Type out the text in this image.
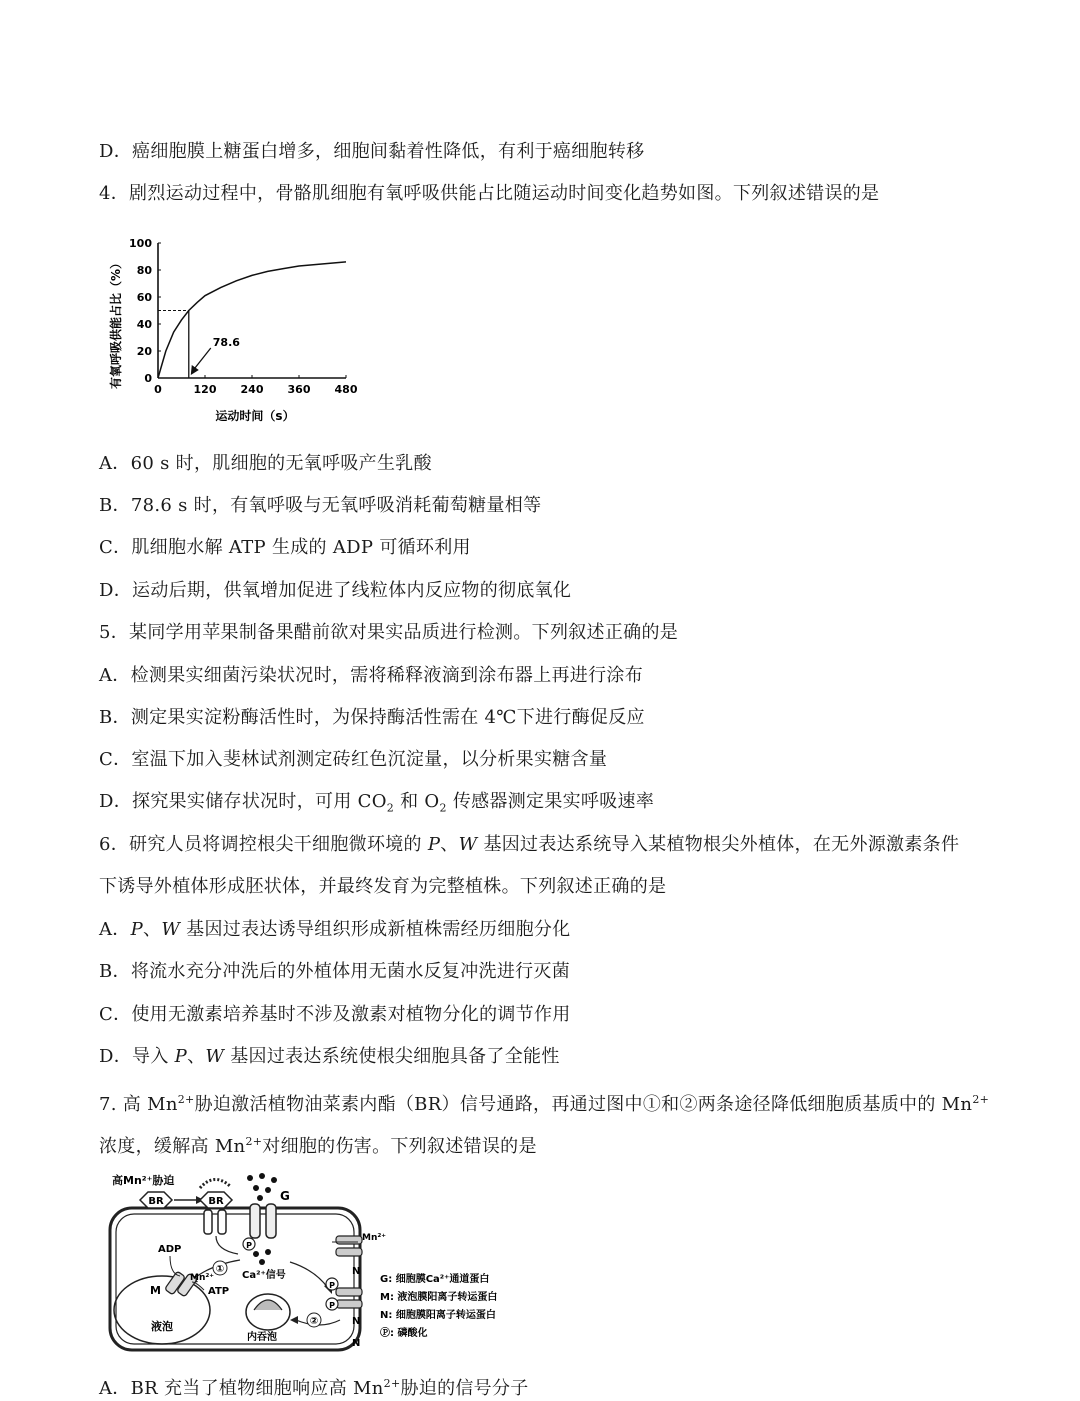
D．癌细胞膜上糖蛋白增多，细胞间黏着性降低，有利于癌细胞转移
4．剧烈运动过程中，骨骼肌细胞有氧呼吸供能占比随运动时间变化趋势如图。下列叙述错误的是
0	120 240 360 480
0
20
40
60
80
100
78.6
运动时间（s）
有氧呼吸供能占比（%）
A．60 s 时，肌细胞的无氧呼吸产生乳酸
B．78.6 s 时，有氧呼吸与无氧呼吸消耗葡萄糖量相等
C．肌细胞水解 ATP 生成的 ADP 可循环利用
D．运动后期，供氧增加促进了线粒体内反应物的彻底氧化
5．某同学用苹果制备果醋前欲对果实品质进行检测。下列叙述正确的是
A．检测果实细菌污染状况时，需将稀释液滴到涂布器上再进行涂布
B．测定果实淀粉酶活性时，为保持酶活性需在 4℃下进行酶促反应
C．室温下加入斐林试剂测定砖红色沉淀量，以分析果实糖含量
D．探究果实储存状况时，可用 $CO_2$ 和 $O_2$ 传感器测定果实呼吸速率
6．研究人员将调控根尖干细胞微环境的 P、W 基因过表达系统导入某植物根尖外植体，在无外源激素条件
下诱导外植体形成胚状体，并最终发育为完整植株。下列叙述正确的是
A．P、W 基因过表达诱导组织形成新植株需经历细胞分化
B．将流水充分冲洗后的外植体用无菌水反复冲洗进行灭菌
C．使用无激素培养基时不涉及激素对植物分化的调节作用
D．导入 P、W 基因过表达系统使根尖细胞具备了全能性
7. 高 $Mn^{2+}$胁迫激活植物油菜素内酯（BR）信号通路，再通过图中①和②两条途径降低细胞质基质中的 $Mn^{2+}$
浓度，缓解高 $Mn^{2+}$对细胞的伤害。下列叙述错误的是
高Mn²⁺胁迫
BR	BR	G
P
Ca²⁺信号
①
液泡
M
Mn²⁺
ATP
ADP
内吞泡
②
Mn²⁺
N
P
P
N
N
G: 细胞膜Ca²⁺通道蛋白
M: 液泡膜阳离子转运蛋白
N: 细胞膜阳离子转运蛋白
Ⓟ: 磷酸化
A．BR 充当了植物细胞响应高 $Mn^{2+}$胁迫的信号分子
